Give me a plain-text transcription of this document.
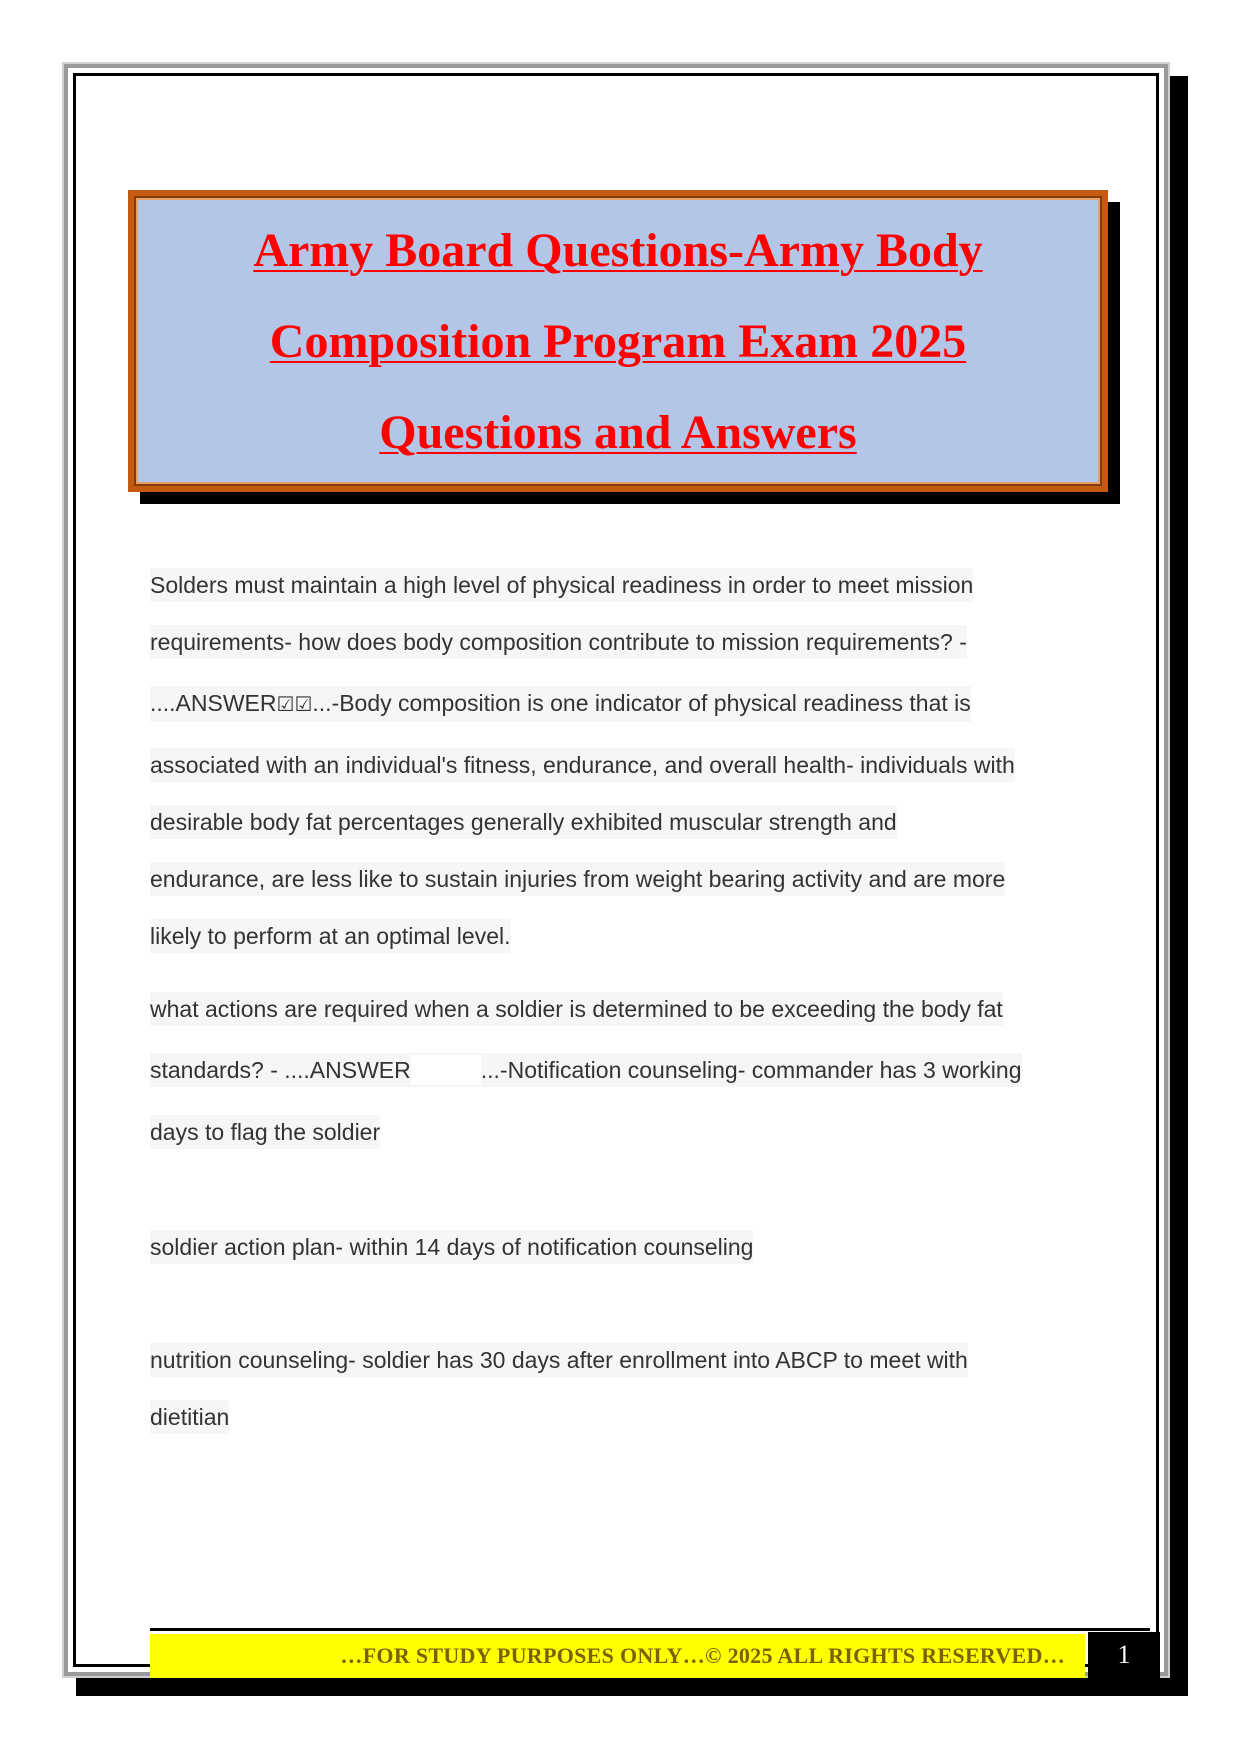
Army Board Questions-Army Body
Composition Program Exam 2025
Questions and Answers
Solders must maintain a high level of physical readiness in order to meet mission
requirements- how does body composition contribute to mission requirements? -
....ANSWER☑☑...-Body composition is one indicator of physical readiness that is
associated with an individual's fitness, endurance, and overall health- individuals with
desirable body fat percentages generally exhibited muscular strength and
endurance, are less like to sustain injuries from weight bearing activity and are more
likely to perform at an optimal level.
what actions are required when a soldier is determined to be exceeding the body fat
standards? - ....ANSWER	...-Notification counseling- commander has 3 working
days to flag the soldier
soldier action plan- within 14 days of notification counseling
nutrition counseling- soldier has 30 days after enrollment into ABCP to meet with
dietitian
…FOR STUDY PURPOSES ONLY…© 2025 ALL RIGHTS RESERVED…	1
